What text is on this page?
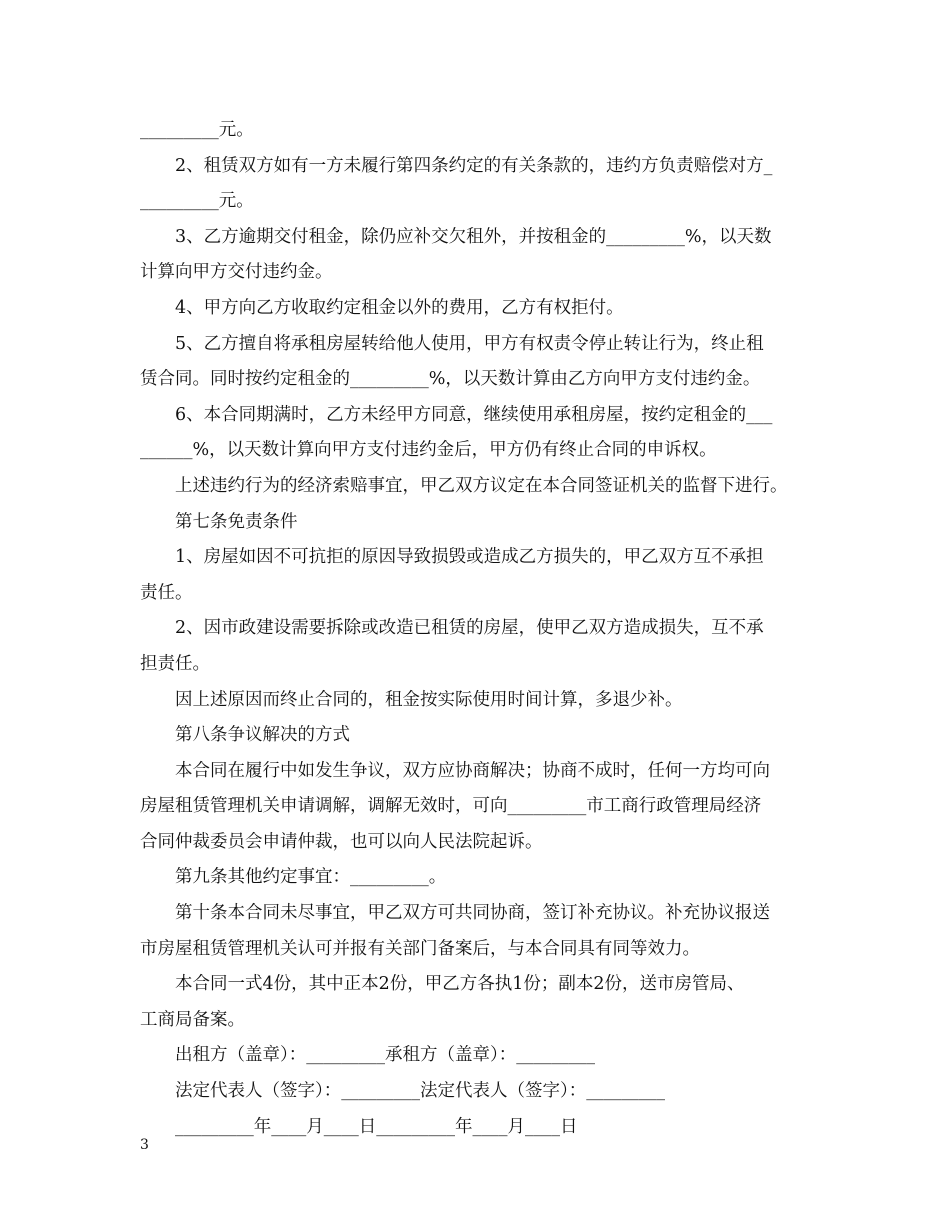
_________元。
2、租赁双方如有一方未履行第四条约定的有关条款的，违约方负责赔偿对方_
_________元。
3、乙方逾期交付租金，除仍应补交欠租外，并按租金的_________%，以天数
计算向甲方交付违约金。
4、甲方向乙方收取约定租金以外的费用，乙方有权拒付。
5、乙方擅自将承租房屋转给他人使用，甲方有权责令停止转让行为，终止租
赁合同。同时按约定租金的_________%，以天数计算由乙方向甲方支付违约金。
6、本合同期满时，乙方未经甲方同意，继续使用承租房屋，按约定租金的___
______%，以天数计算向甲方支付违约金后，甲方仍有终止合同的申诉权。
上述违约行为的经济索赔事宜，甲乙双方议定在本合同签证机关的监督下进行。
第七条免责条件
1、房屋如因不可抗拒的原因导致损毁或造成乙方损失的，甲乙双方互不承担
责任。
2、因市政建设需要拆除或改造已租赁的房屋，使甲乙双方造成损失，互不承
担责任。
因上述原因而终止合同的，租金按实际使用时间计算，多退少补。
第八条争议解决的方式
本合同在履行中如发生争议，双方应协商解决；协商不成时，任何一方均可向
房屋租赁管理机关申请调解，调解无效时，可向_________市工商行政管理局经济
合同仲裁委员会申请仲裁，也可以向人民法院起诉。
第九条其他约定事宜：_________。
第十条本合同未尽事宜，甲乙双方可共同协商，签订补充协议。补充协议报送
市房屋租赁管理机关认可并报有关部门备案后，与本合同具有同等效力。
本合同一式4份，其中正本2份，甲乙方各执1份；副本2份，送市房管局、
工商局备案。
出租方（盖章）：_________承租方（盖章）：_________
法定代表人（签字）：_________法定代表人（签字）：_________
_________年____月____日_________年____月____日
3
